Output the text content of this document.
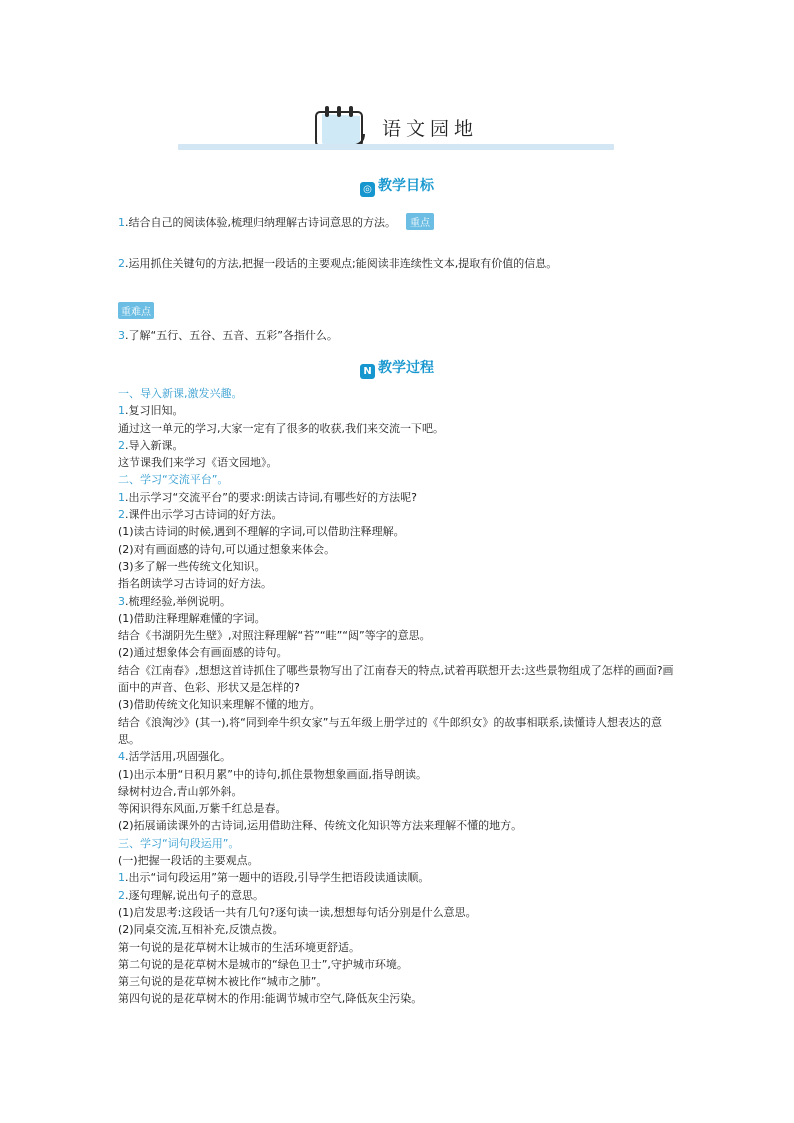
语文园地
◎ 教学目标
1.结合自己的阅读体验,梳理归纳理解古诗词意思的方法。 重点
2.运用抓住关键句的方法,把握一段话的主要观点;能阅读非连续性文本,提取有价值的信息。
重难点
3.了解“五行、五谷、五音、五彩”各指什么。
N 教学过程
一、导入新课,激发兴趣。
1.复习旧知。
通过这一单元的学习,大家一定有了很多的收获,我们来交流一下吧。
2.导入新课。
这节课我们来学习《语文园地》。
二、学习“交流平台”。
1.出示学习“交流平台”的要求:朗读古诗词,有哪些好的方法呢?
2.课件出示学习古诗词的好方法。
(1)读古诗词的时候,遇到不理解的字词,可以借助注释理解。
(2)对有画面感的诗句,可以通过想象来体会。
(3)多了解一些传统文化知识。
指名朗读学习古诗词的好方法。
3.梳理经验,举例说明。
(1)借助注释理解难懂的字词。
结合《书湖阴先生壁》,对照注释理解“苔”“畦”“闼”等字的意思。
(2)通过想象体会有画面感的诗句。
结合《江南春》,想想这首诗抓住了哪些景物写出了江南春天的特点,试着再联想开去:这些景物组成了怎样的画面?画面中的声音、色彩、形状又是怎样的?
(3)借助传统文化知识来理解不懂的地方。
结合《浪淘沙》(其一),将“同到牵牛织女家”与五年级上册学过的《牛郎织女》的故事相联系,读懂诗人想表达的意思。
4.活学活用,巩固强化。
(1)出示本册“日积月累”中的诗句,抓住景物想象画面,指导朗读。
绿树村边合,青山郭外斜。
等闲识得东风面,万紫千红总是春。
(2)拓展诵读课外的古诗词,运用借助注释、传统文化知识等方法来理解不懂的地方。
三、学习“词句段运用”。
(一)把握一段话的主要观点。
1.出示“词句段运用”第一题中的语段,引导学生把语段读通读顺。
2.逐句理解,说出句子的意思。
(1)启发思考:这段话一共有几句?逐句读一读,想想每句话分别是什么意思。
(2)同桌交流,互相补充,反馈点拨。
第一句说的是花草树木让城市的生活环境更舒适。
第二句说的是花草树木是城市的“绿色卫士”,守护城市环境。
第三句说的是花草树木被比作“城市之肺”。
第四句说的是花草树木的作用:能调节城市空气,降低灰尘污染。
